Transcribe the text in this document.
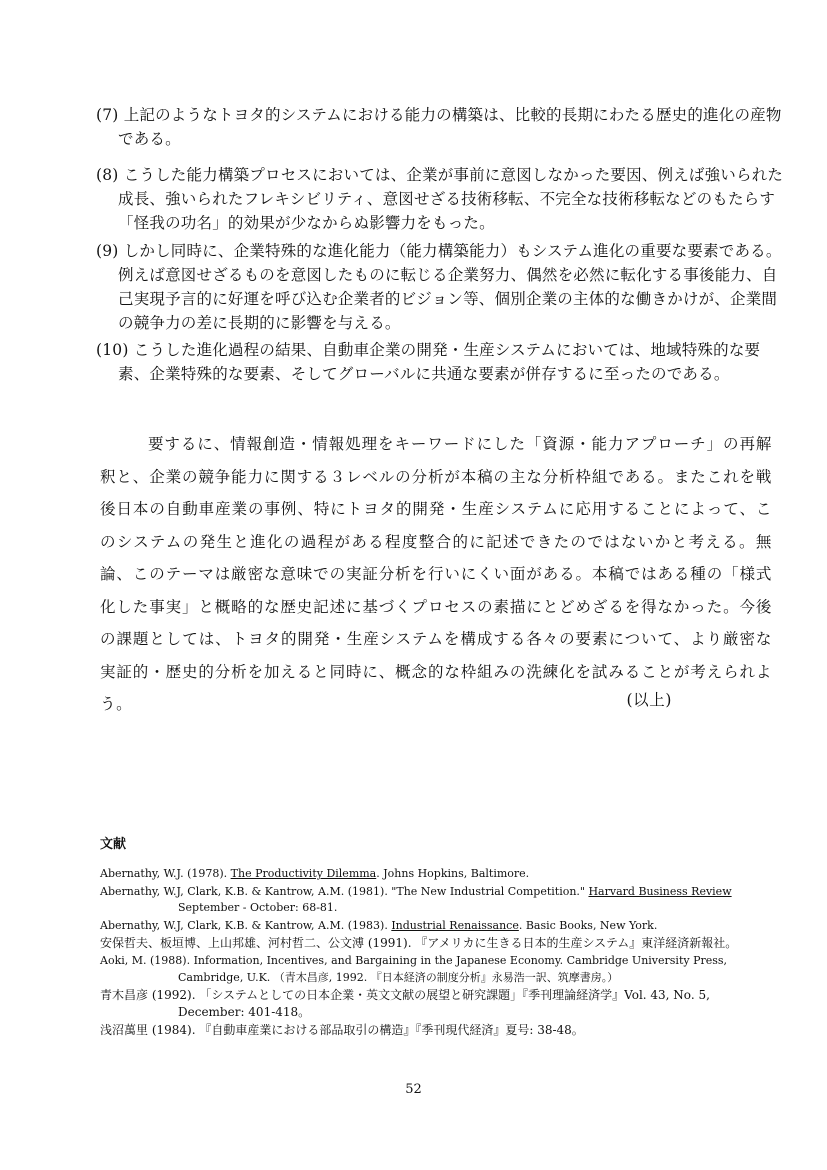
(7) 上記のようなトヨタ的システムにおける能力の構築は、比較的長期にわたる歴史的進化の産物である。
(8) こうした能力構築プロセスにおいては、企業が事前に意図しなかった要因、例えば強いられた成長、強いられたフレキシビリティ、意図せざる技術移転、不完全な技術移転などのもたらす「怪我の功名」的効果が少なからぬ影響力をもった。
(9) しかし同時に、企業特殊的な進化能力（能力構築能力）もシステム進化の重要な要素である。例えば意図せざるものを意図したものに転じる企業努力、偶然を必然に転化する事後能力、自己実現予言的に好運を呼び込む企業者的ビジョン等、個別企業の主体的な働きかけが、企業間の競争力の差に長期的に影響を与える。
(10) こうした進化過程の結果、自動車企業の開発・生産システムにおいては、地域特殊的な要素、企業特殊的な要素、そしてグローバルに共通な要素が併存するに至ったのである。
要するに、情報創造・情報処理をキーワードにした「資源・能力アプローチ」の再解釈と、企業の競争能力に関する３レベルの分析が本稿の主な分析枠組である。またこれを戦後日本の自動車産業の事例、特にトヨタ的開発・生産システムに応用することによって、このシステムの発生と進化の過程がある程度整合的に記述できたのではないかと考える。無論、このテーマは厳密な意味での実証分析を行いにくい面がある。本稿ではある種の「様式化した事実」と概略的な歴史記述に基づくプロセスの素描にとどめざるを得なかった。今後の課題としては、トヨタ的開発・生産システムを構成する各々の要素について、より厳密な実証的・歴史的分析を加えると同時に、概念的な枠組みの洗練化を試みることが考えられよう。	(以上)
文献
Abernathy, W.J. (1978). The Productivity Dilemma. Johns Hopkins, Baltimore.
Abernathy, W.J, Clark, K.B. & Kantrow, A.M. (1981). "The New Industrial Competition." Harvard Business Review September - October: 68-81.
Abernathy, W.J, Clark, K.B. & Kantrow, A.M. (1983). Industrial Renaissance. Basic Books, New York.
安保哲夫、板垣博、上山邦雄、河村哲二、公文溥 (1991). 『アメリカに生きる日本的生産システム』東洋経済新報社。
Aoki, M. (1988). Information, Incentives, and Bargaining in the Japanese Economy. Cambridge University Press, Cambridge, U.K. （青木昌彦, 1992. 『日本経済の制度分析』永易浩一訳、筑摩書房。）
青木昌彦 (1992). 「システムとしての日本企業・英文文献の展望と研究課題」『季刊理論経済学』Vol. 43, No. 5, December: 401-418。
浅沼萬里 (1984). 『自動車産業における部品取引の構造』『季刊現代経済』夏号: 38-48。
52
